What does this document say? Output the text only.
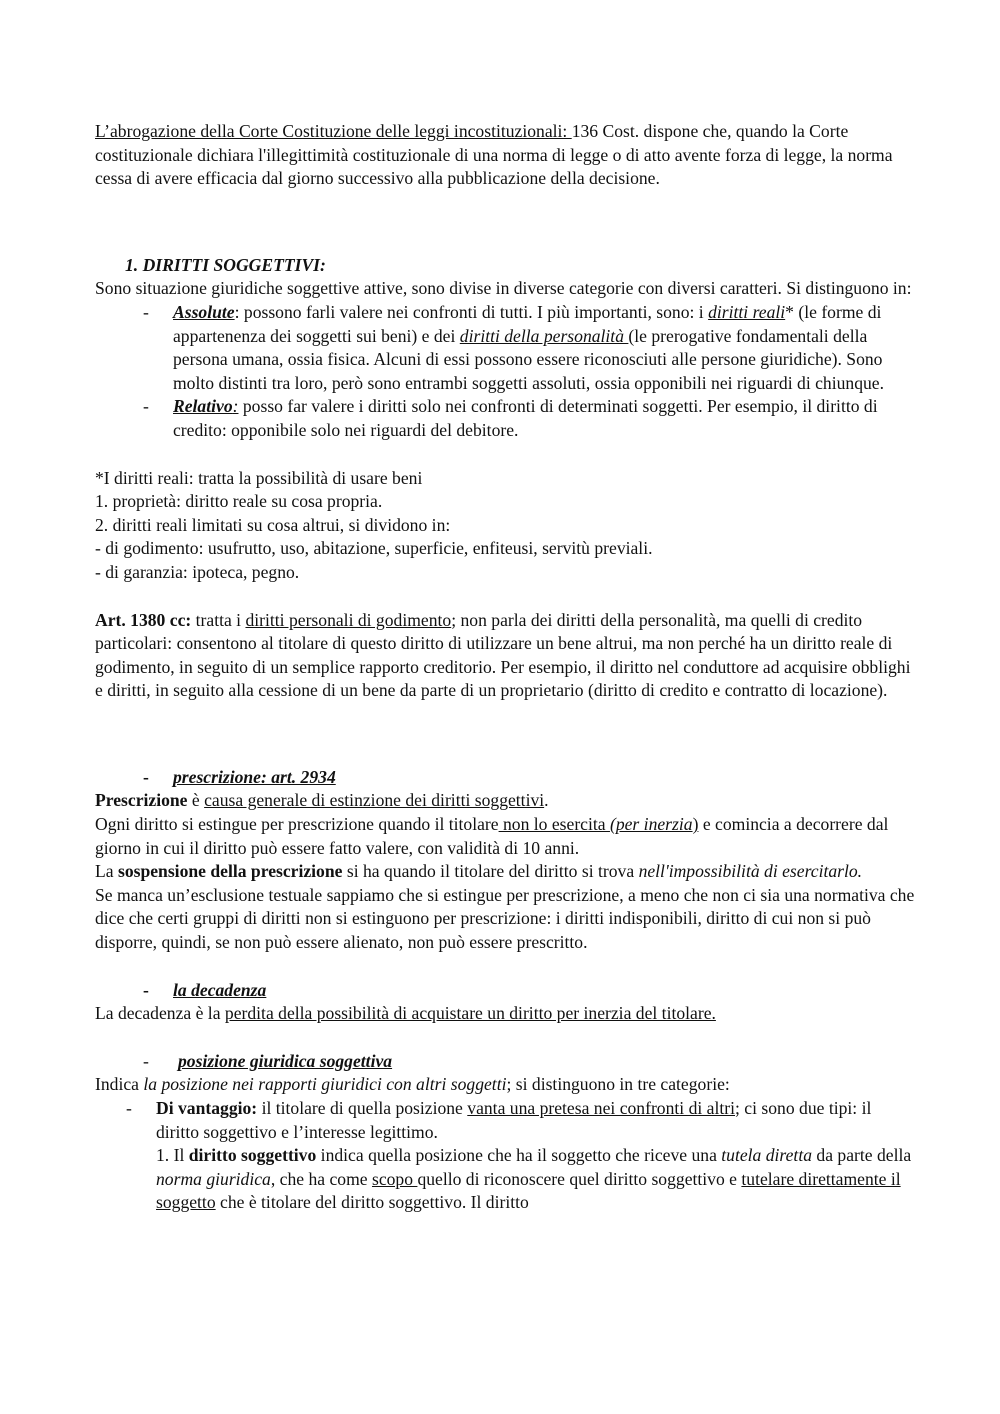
L’abrogazione della Corte Costituzione delle leggi incostituzionali: 136 Cost. dispone che, quando la Corte costituzionale dichiara l'illegittimità costituzionale di una norma di legge o di atto avente forza di legge, la norma cessa di avere efficacia dal giorno successivo alla pubblicazione della decisione.

1. DIRITTI SOGGETTIVI:

Sono situazione giuridiche soggettive attive, sono divise in diverse categorie con diversi caratteri. Si distinguono in:

- Assolute: possono farli valere nei confronti di tutti. I più importanti, sono: i diritti reali* (le forme di appartenenza dei soggetti sui beni) e dei diritti della personalità (le prerogative fondamentali della persona umana, ossia fisica. Alcuni di essi possono essere riconosciuti alle persone giuridiche). Sono molto distinti tra loro, però sono entrambi soggetti assoluti, ossia opponibili nei riguardi di chiunque.
- Relativo: posso far valere i diritti solo nei confronti di determinati soggetti. Per esempio, il diritto di credito: opponibile solo nei riguardi del debitore.

*I diritti reali: tratta la possibilità di usare beni

1. proprietà: diritto reale su cosa propria.

2. diritti reali limitati su cosa altrui, si dividono in:

- di godimento: usufrutto, uso, abitazione, superficie, enfiteusi, servitù previali.

- di garanzia: ipoteca, pegno.

Art. 1380 cc: tratta i diritti personali di godimento; non parla dei diritti della personalità, ma quelli di credito particolari: consentono al titolare di questo diritto di utilizzare un bene altrui, ma non perché ha un diritto reale di godimento, in seguito di un semplice rapporto creditorio. Per esempio, il diritto nel conduttore ad acquisire obblighi e diritti, in seguito alla cessione di un bene da parte di un proprietario (diritto di credito e contratto di locazione).

- prescrizione: art. 2934

Prescrizione è causa generale di estinzione dei diritti soggettivi.

Ogni diritto si estingue per prescrizione quando il titolare non lo esercita (per inerzia) e comincia a decorrere dal giorno in cui il diritto può essere fatto valere, con validità di 10 anni.

La sospensione della prescrizione si ha quando il titolare del diritto si trova nell'impossibilità di esercitarlo.

Se manca un’esclusione testuale sappiamo che si estingue per prescrizione, a meno che non ci sia una normativa che dice che certi gruppi di diritti non si estinguono per prescrizione: i diritti indisponibili, diritto di cui non si può disporre, quindi, se non può essere alienato, non può essere prescritto.

- la decadenza

La decadenza è la perdita della possibilità di acquistare un diritto per inerzia del titolare.

- posizione giuridica soggettiva

Indica la posizione nei rapporti giuridici con altri soggetti; si distinguono in tre categorie:

- Di vantaggio: il titolare di quella posizione vanta una pretesa nei confronti di altri; ci sono due tipi: il diritto soggettivo e l’interesse legittimo.

1. Il diritto soggettivo indica quella posizione che ha il soggetto che riceve una tutela diretta da parte della norma giuridica, che ha come scopo quello di riconoscere quel diritto soggettivo e tutelare direttamente il soggetto che è titolare del diritto soggettivo. Il diritto
